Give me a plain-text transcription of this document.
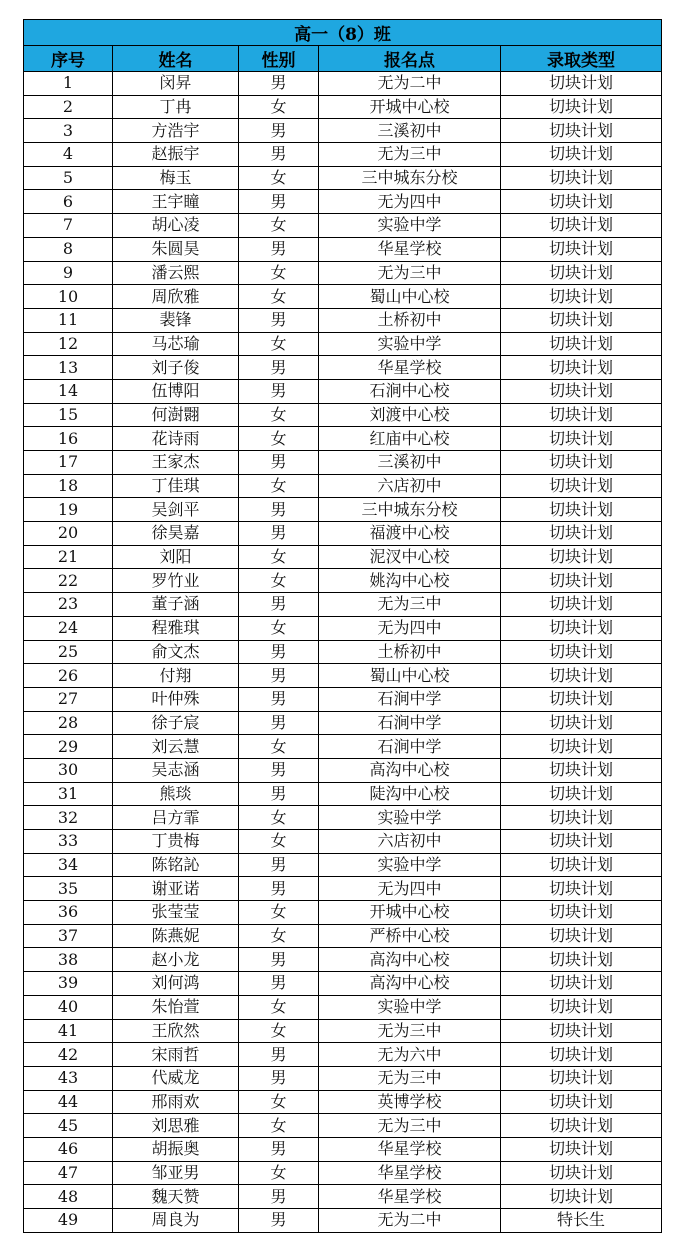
高一（8）班				
序号	姓名	性别	报名点	录取类型
1	闵昇	男	无为二中	切块计划
2	丁冉	女	开城中心校	切块计划
3	方浩宇	男	三溪初中	切块计划
4	赵振宇	男	无为三中	切块计划
5	梅玉	女	三中城东分校	切块计划
6	王宇瞳	男	无为四中	切块计划
7	胡心凌	女	实验中学	切块计划
8	朱圆昊	男	华星学校	切块计划
9	潘云熙	女	无为三中	切块计划
10	周欣雅	女	蜀山中心校	切块计划
11	裴锋	男	土桥初中	切块计划
12	马芯瑜	女	实验中学	切块计划
13	刘子俊	男	华星学校	切块计划
14	伍博阳	男	石涧中心校	切块计划
15	何澍翾	女	刘渡中心校	切块计划
16	花诗雨	女	红庙中心校	切块计划
17	王家杰	男	三溪初中	切块计划
18	丁佳琪	女	六店初中	切块计划
19	吴剑平	男	三中城东分校	切块计划
20	徐昊嘉	男	福渡中心校	切块计划
21	刘阳	女	泥汊中心校	切块计划
22	罗竹业	女	姚沟中心校	切块计划
23	董子涵	男	无为三中	切块计划
24	程雅琪	女	无为四中	切块计划
25	俞文杰	男	土桥初中	切块计划
26	付翔	男	蜀山中心校	切块计划
27	叶仲殊	男	石涧中学	切块计划
28	徐子宸	男	石涧中学	切块计划
29	刘云慧	女	石涧中学	切块计划
30	吴志涵	男	高沟中心校	切块计划
31	熊琰	男	陡沟中心校	切块计划
32	吕方霏	女	实验中学	切块计划
33	丁贵梅	女	六店初中	切块计划
34	陈铭訫	男	实验中学	切块计划
35	谢亚诺	男	无为四中	切块计划
36	张莹莹	女	开城中心校	切块计划
37	陈燕妮	女	严桥中心校	切块计划
38	赵小龙	男	高沟中心校	切块计划
39	刘何鸿	男	高沟中心校	切块计划
40	朱怡萱	女	实验中学	切块计划
41	王欣然	女	无为三中	切块计划
42	宋雨哲	男	无为六中	切块计划
43	代威龙	男	无为三中	切块计划
44	邢雨欢	女	英博学校	切块计划
45	刘思雅	女	无为三中	切块计划
46	胡振奥	男	华星学校	切块计划
47	邹亚男	女	华星学校	切块计划
48	魏天赞	男	华星学校	切块计划
49	周良为	男	无为二中	特长生
